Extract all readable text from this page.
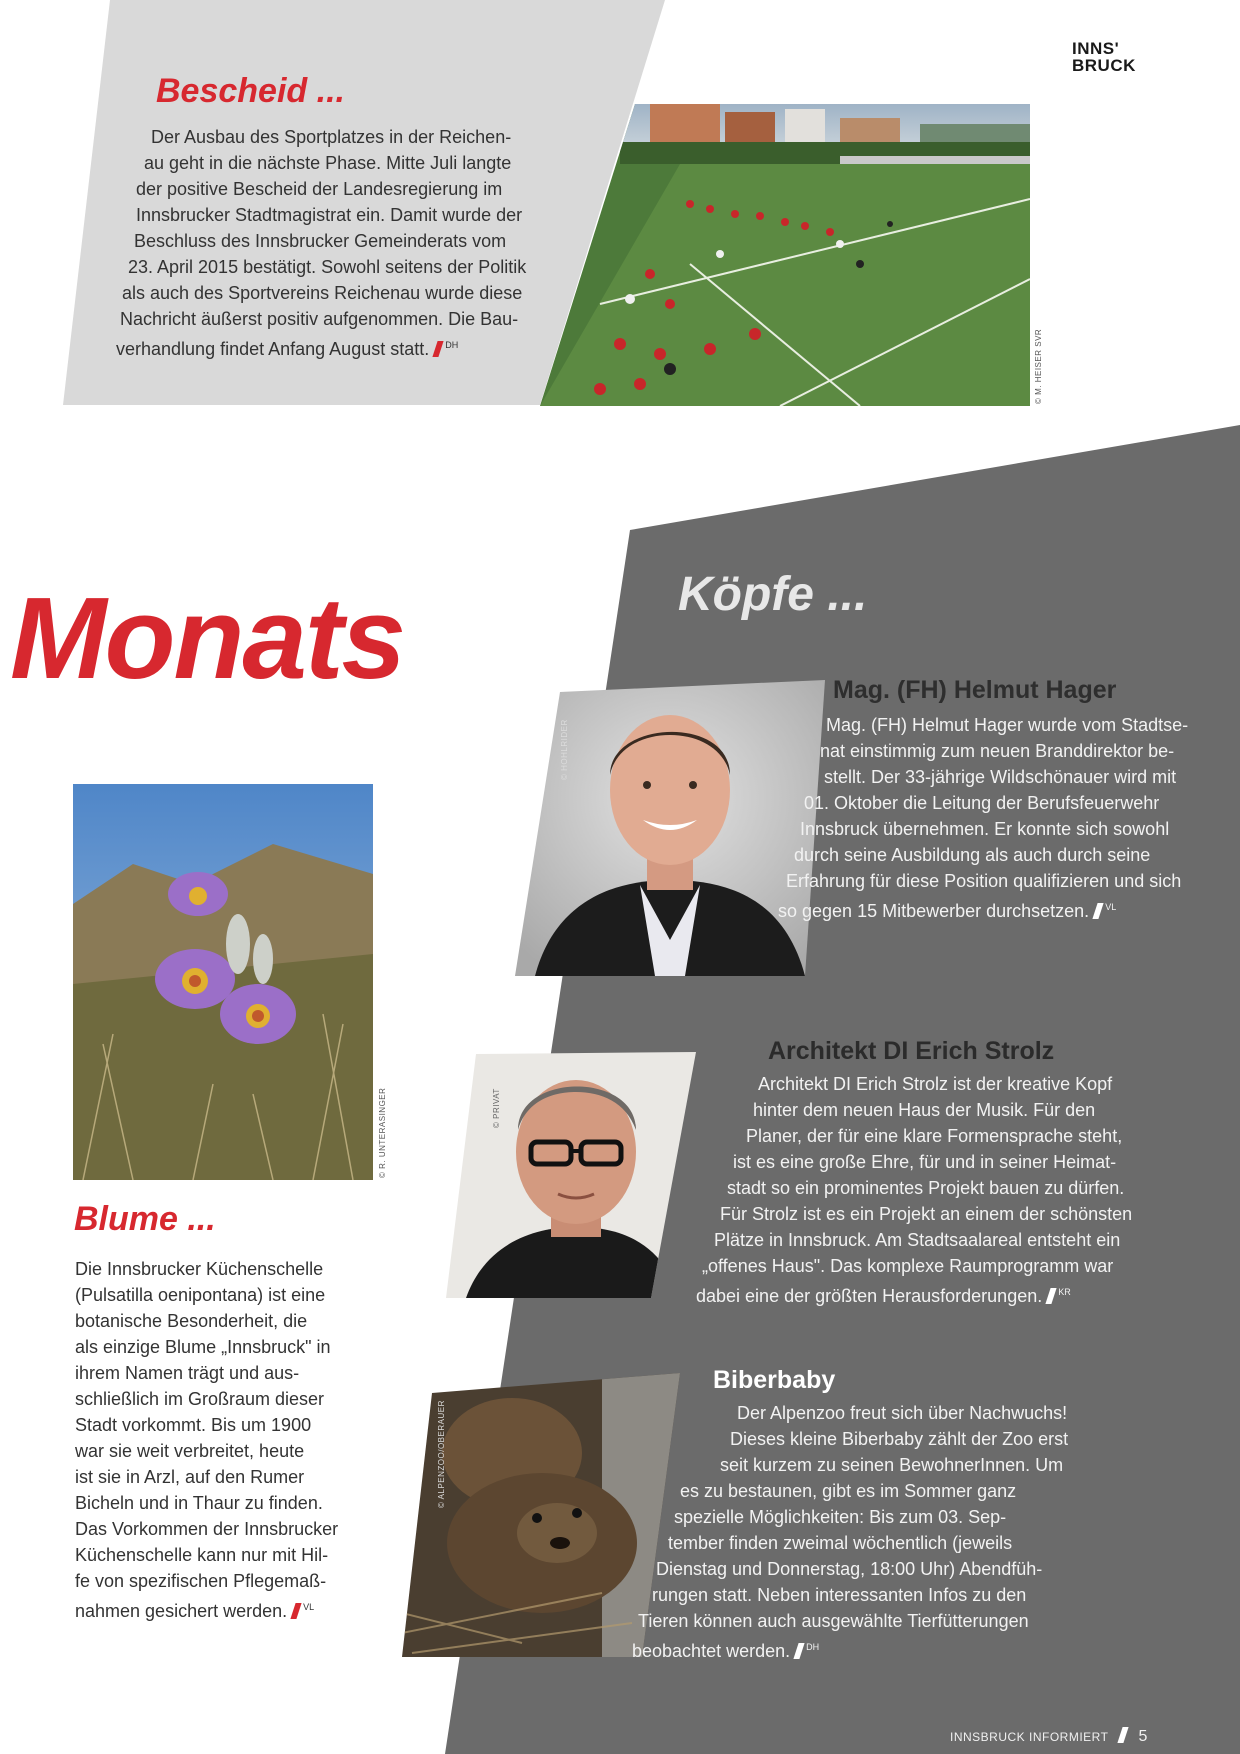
INNS'
BRUCK
Bescheid ...
Der Ausbau des Sportplatzes in der Reichen-
au geht in die nächste Phase. Mitte Juli langte
der positive Bescheid der Landesregierung im
Innsbrucker Stadtmagistrat ein. Damit wurde der
Beschluss des Innsbrucker Gemeinderats vom
23. April 2015 bestätigt. Sowohl seitens der Politik
als auch des Sportvereins Reichenau wurde diese
Nachricht äußerst positiv aufgenommen. Die Bau-
verhandlung findet Anfang August statt. $^{DH}$	© M. HEISER SVR
Monats	Köpfe ...
© R. UNTERASINGER
Blume ...
Die Innsbrucker Küchenschelle
(Pulsatilla oenipontana) ist eine
botanische Besonderheit, die
als einzige Blume „Innsbruck" in
ihrem Namen trägt und aus-
schließlich im Großraum dieser
Stadt vorkommt. Bis um 1900
war sie weit verbreitet, heute
ist sie in Arzl, auf den Rumer
Bicheln und in Thaur zu finden.
Das Vorkommen der Innsbrucker
Küchenschelle kann nur mit Hil-
fe von spezifischen Pflegemaß-
nahmen gesichert werden. $^{VL}$
© HOHLRIDER
Mag. (FH) Helmut Hager
Mag. (FH) Helmut Hager wurde vom Stadtse-
nat einstimmig zum neuen Branddirektor be-
stellt. Der 33-jährige Wildschönauer wird mit
01. Oktober die Leitung der Berufsfeuerwehr
Innsbruck übernehmen. Er konnte sich sowohl
durch seine Ausbildung als auch durch seine
Erfahrung für diese Position qualifizieren und sich
so gegen 15 Mitbewerber durchsetzen. $^{VL}$
© PRIVAT
Architekt DI Erich Strolz
Architekt DI Erich Strolz ist der kreative Kopf
hinter dem neuen Haus der Musik. Für den
Planer, der für eine klare Formensprache steht,
ist es eine große Ehre, für und in seiner Heimat-
stadt so ein prominentes Projekt bauen zu dürfen.
Für Strolz ist es ein Projekt an einem der schönsten
Plätze in Innsbruck. Am Stadtsaalareal entsteht ein
„offenes Haus". Das komplexe Raumprogramm war
dabei eine der größten Herausforderungen. $^{KR}$
© ALPENZOO/OBERAUER
Biberbaby
Der Alpenzoo freut sich über Nachwuchs!
Dieses kleine Biberbaby zählt der Zoo erst
seit kurzem zu seinen BewohnerInnen. Um
es zu bestaunen, gibt es im Sommer ganz
spezielle Möglichkeiten: Bis zum 03. Sep-
tember finden zweimal wöchentlich (jeweils
Dienstag und Donnerstag, 18:00 Uhr) Abendfüh-
rungen statt. Neben interessanten Infos zu den
Tieren können auch ausgewählte Tierfütterungen
beobachtet werden. $^{DH}$
INNSBRUCK INFORMIERT 5
